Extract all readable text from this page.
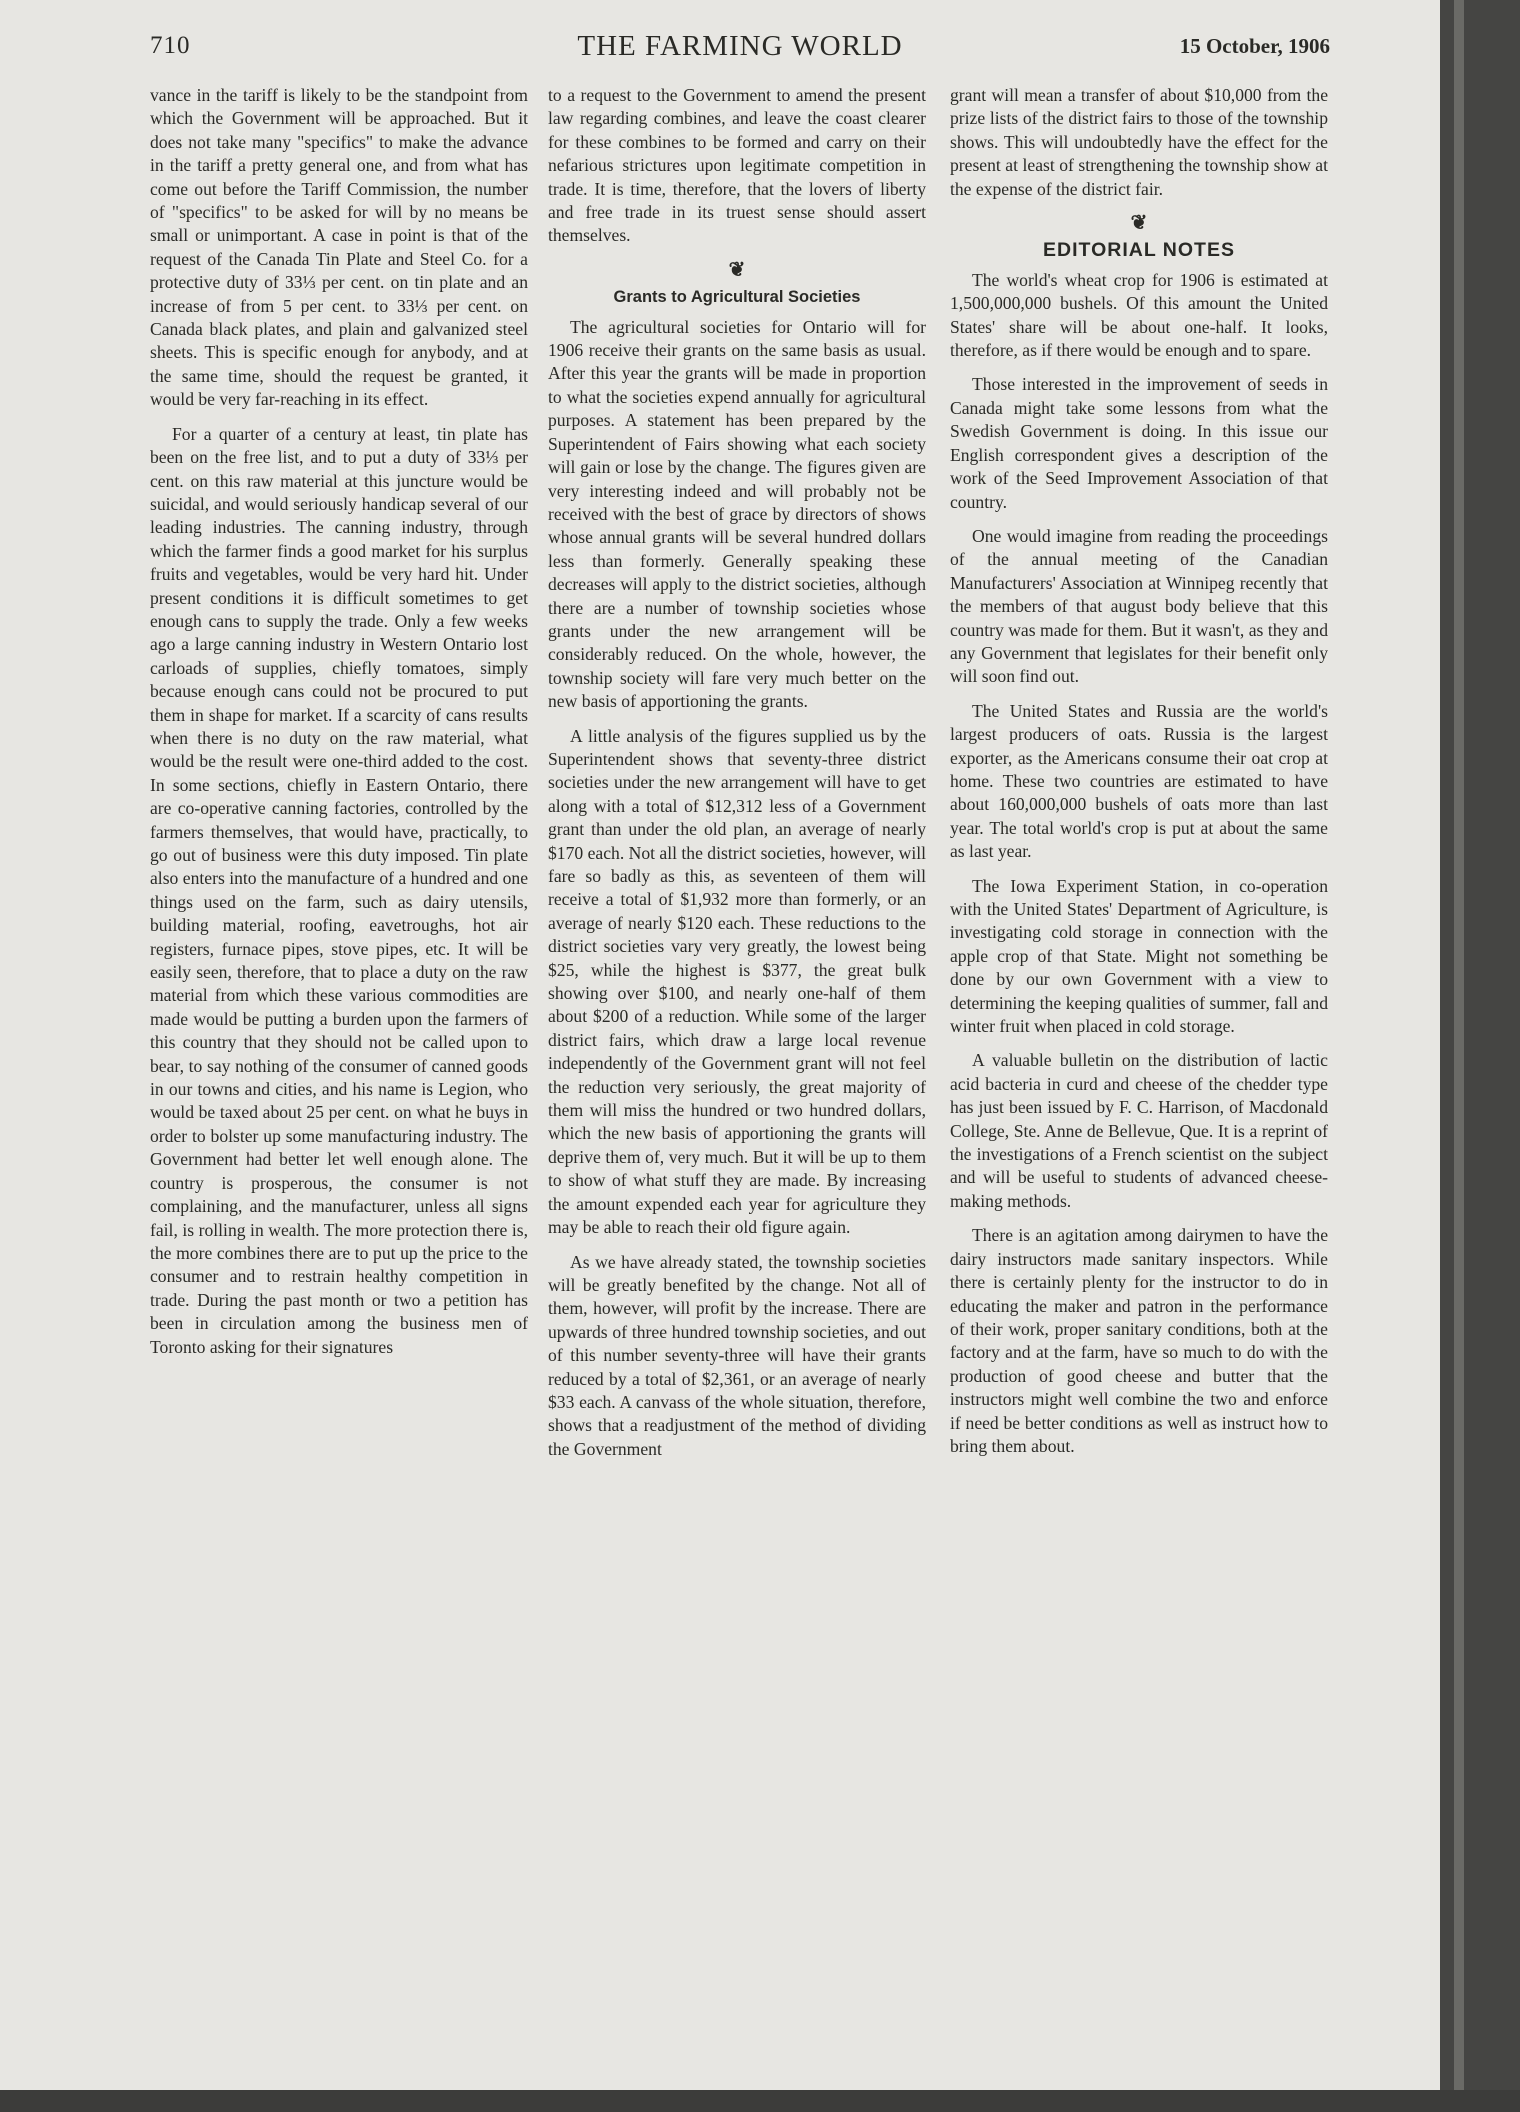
710	THE FARMING WORLD	15 October, 1906

vance in the tariff is likely to be the standpoint from which the Government will be approached. But it does not take many "specifics" to make the advance in the tariff a pretty general one, and from what has come out before the Tariff Commission, the number of "specifics" to be asked for will by no means be small or unimportant. A case in point is that of the request of the Canada Tin Plate and Steel Co. for a protective duty of 33⅓ per cent. on tin plate and an increase of from 5 per cent. to 33⅓ per cent. on Canada black plates, and plain and galvanized steel sheets. This is specific enough for anybody, and at the same time, should the request be granted, it would be very far-reaching in its effect.

For a quarter of a century at least, tin plate has been on the free list, and to put a duty of 33⅓ per cent. on this raw material at this juncture would be suicidal, and would seriously handicap several of our leading industries. The canning industry, through which the farmer finds a good market for his surplus fruits and vegetables, would be very hard hit. Under present conditions it is difficult sometimes to get enough cans to supply the trade. Only a few weeks ago a large canning industry in Western Ontario lost carloads of supplies, chiefly tomatoes, simply because enough cans could not be procured to put them in shape for market. If a scarcity of cans results when there is no duty on the raw material, what would be the result were one-third added to the cost. In some sections, chiefly in Eastern Ontario, there are co-operative canning factories, controlled by the farmers themselves, that would have, practically, to go out of business were this duty imposed. Tin plate also enters into the manufacture of a hundred and one things used on the farm, such as dairy utensils, building material, roofing, eavetroughs, hot air registers, furnace pipes, stove pipes, etc. It will be easily seen, therefore, that to place a duty on the raw material from which these various commodities are made would be putting a burden upon the farmers of this country that they should not be called upon to bear, to say nothing of the consumer of canned goods in our towns and cities, and his name is Legion, who would be taxed about 25 per cent. on what he buys in order to bolster up some manufacturing industry. The Government had better let well enough alone. The country is prosperous, the consumer is not complaining, and the manufacturer, unless all signs fail, is rolling in wealth. The more protection there is, the more combines there are to put up the price to the consumer and to restrain healthy competition in trade. During the past month or two a petition has been in circulation among the business men of Toronto asking for their signatures

to a request to the Government to amend the present law regarding combines, and leave the coast clearer for these combines to be formed and carry on their nefarious strictures upon legitimate competition in trade. It is time, therefore, that the lovers of liberty and free trade in its truest sense should assert themselves.

❦
Grants to Agricultural Societies

The agricultural societies for Ontario will for 1906 receive their grants on the same basis as usual. After this year the grants will be made in proportion to what the societies expend annually for agricultural purposes. A statement has been prepared by the Superintendent of Fairs showing what each society will gain or lose by the change. The figures given are very interesting indeed and will probably not be received with the best of grace by directors of shows whose annual grants will be several hundred dollars less than formerly. Generally speaking these decreases will apply to the district societies, although there are a number of township societies whose grants under the new arrangement will be considerably reduced. On the whole, however, the township society will fare very much better on the new basis of apportioning the grants.

A little analysis of the figures supplied us by the Superintendent shows that seventy-three district societies under the new arrangement will have to get along with a total of $12,312 less of a Government grant than under the old plan, an average of nearly $170 each. Not all the district societies, however, will fare so badly as this, as seventeen of them will receive a total of $1,932 more than formerly, or an average of nearly $120 each. These reductions to the district societies vary very greatly, the lowest being $25, while the highest is $377, the great bulk showing over $100, and nearly one-half of them about $200 of a reduction. While some of the larger district fairs, which draw a large local revenue independently of the Government grant will not feel the reduction very seriously, the great majority of them will miss the hundred or two hundred dollars, which the new basis of apportioning the grants will deprive them of, very much. But it will be up to them to show of what stuff they are made. By increasing the amount expended each year for agriculture they may be able to reach their old figure again.

As we have already stated, the township societies will be greatly benefited by the change. Not all of them, however, will profit by the increase. There are upwards of three hundred township societies, and out of this number seventy-three will have their grants reduced by a total of $2,361, or an average of nearly $33 each. A canvass of the whole situation, therefore, shows that a readjustment of the method of dividing the Government

grant will mean a transfer of about $10,000 from the prize lists of the district fairs to those of the township shows. This will undoubtedly have the effect for the present at least of strengthening the township show at the expense of the district fair.

❦
EDITORIAL NOTES

The world's wheat crop for 1906 is estimated at 1,500,000,000 bushels. Of this amount the United States' share will be about one-half. It looks, therefore, as if there would be enough and to spare.

Those interested in the improvement of seeds in Canada might take some lessons from what the Swedish Government is doing. In this issue our English correspondent gives a description of the work of the Seed Improvement Association of that country.

One would imagine from reading the proceedings of the annual meeting of the Canadian Manufacturers' Association at Winnipeg recently that the members of that august body believe that this country was made for them. But it wasn't, as they and any Government that legislates for their benefit only will soon find out.

The United States and Russia are the world's largest producers of oats. Russia is the largest exporter, as the Americans consume their oat crop at home. These two countries are estimated to have about 160,000,000 bushels of oats more than last year. The total world's crop is put at about the same as last year.

The Iowa Experiment Station, in co-operation with the United States' Department of Agriculture, is investigating cold storage in connection with the apple crop of that State. Might not something be done by our own Government with a view to determining the keeping qualities of summer, fall and winter fruit when placed in cold storage.

A valuable bulletin on the distribution of lactic acid bacteria in curd and cheese of the chedder type has just been issued by F. C. Harrison, of Macdonald College, Ste. Anne de Bellevue, Que. It is a reprint of the investigations of a French scientist on the subject and will be useful to students of advanced cheese-making methods.

There is an agitation among dairymen to have the dairy instructors made sanitary inspectors. While there is certainly plenty for the instructor to do in educating the maker and patron in the performance of their work, proper sanitary conditions, both at the factory and at the farm, have so much to do with the production of good cheese and butter that the instructors might well combine the two and enforce if need be better conditions as well as instruct how to bring them about.
